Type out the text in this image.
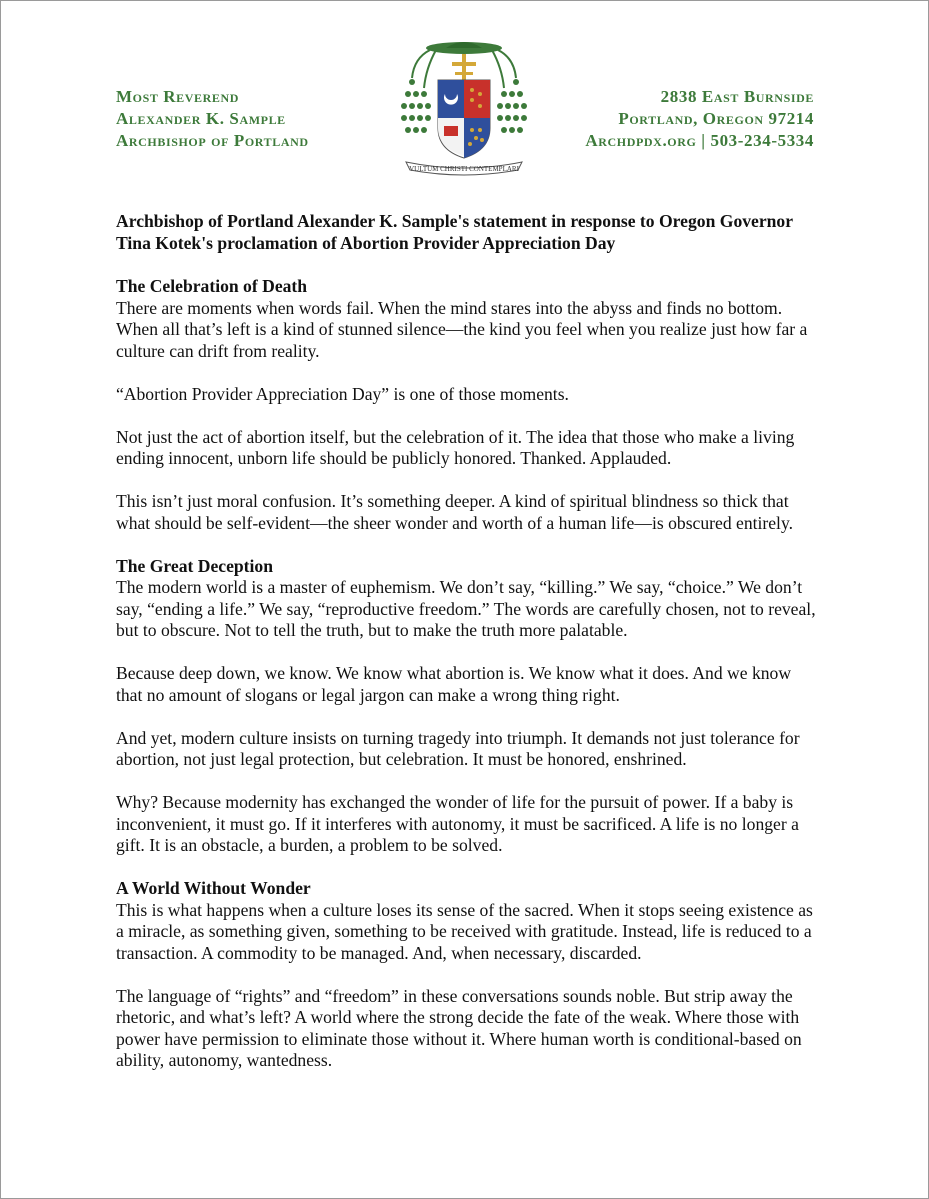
Most Reverend
Alexander K. Sample
Archbishop of Portland
VULTUM CHRISTI CONTEMPLARI
2838 East Burnside
Portland, Oregon 97214
Archdpdx.org | 503-234-5334

Archbishop of Portland Alexander K. Sample's statement in response to Oregon Governor Tina Kotek's proclamation of Abortion Provider Appreciation Day

The Celebration of Death

There are moments when words fail. When the mind stares into the abyss and finds no bottom. When all that’s left is a kind of stunned silence—the kind you feel when you realize just how far a culture can drift from reality.

“Abortion Provider Appreciation Day” is one of those moments.

Not just the act of abortion itself, but the celebration of it. The idea that those who make a living ending innocent, unborn life should be publicly honored. Thanked. Applauded.

This isn’t just moral confusion. It’s something deeper. A kind of spiritual blindness so thick that what should be self-evident—the sheer wonder and worth of a human life—is obscured entirely.

The Great Deception

The modern world is a master of euphemism. We don’t say, “killing.” We say, “choice.” We don’t say, “ending a life.” We say, “reproductive freedom.” The words are carefully chosen, not to reveal, but to obscure. Not to tell the truth, but to make the truth more palatable.

Because deep down, we know. We know what abortion is. We know what it does. And we know that no amount of slogans or legal jargon can make a wrong thing right.

And yet, modern culture insists on turning tragedy into triumph. It demands not just tolerance for abortion, not just legal protection, but celebration. It must be honored, enshrined.

Why? Because modernity has exchanged the wonder of life for the pursuit of power. If a baby is inconvenient, it must go. If it interferes with autonomy, it must be sacrificed. A life is no longer a gift. It is an obstacle, a burden, a problem to be solved.

A World Without Wonder

This is what happens when a culture loses its sense of the sacred. When it stops seeing existence as a miracle, as something given, something to be received with gratitude. Instead, life is reduced to a transaction. A commodity to be managed. And, when necessary, discarded.

The language of “rights” and “freedom” in these conversations sounds noble. But strip away the rhetoric, and what’s left? A world where the strong decide the fate of the weak. Where those with power have permission to eliminate those without it. Where human worth is conditional-based on ability, autonomy, wantedness.
